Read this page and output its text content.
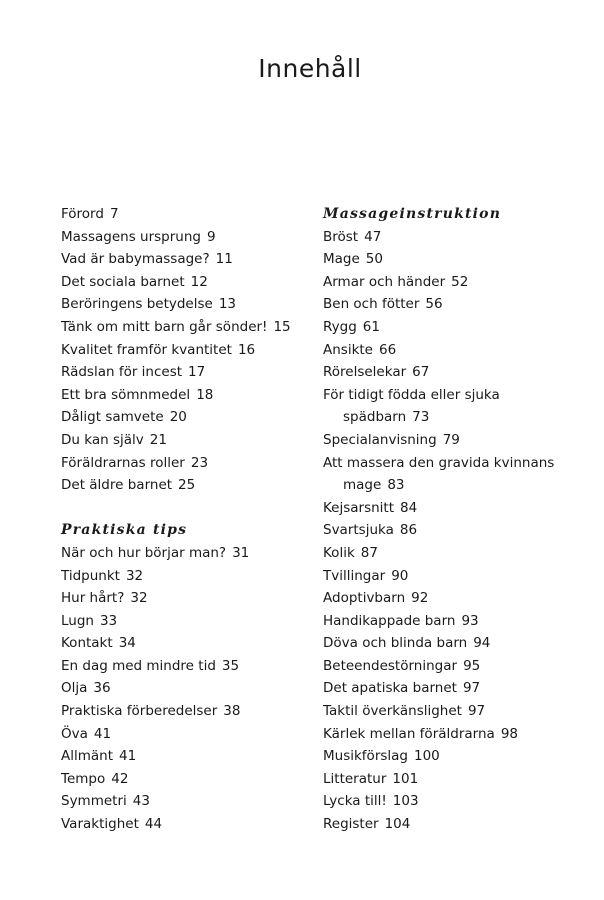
Innehåll
Förord 7
Massagens ursprung 9
Vad är babymassage? 11
Det sociala barnet 12
Beröringens betydelse 13
Tänk om mitt barn går sönder! 15
Kvalitet framför kvantitet 16
Rädslan för incest 17
Ett bra sömnmedel 18
Dåligt samvete 20
Du kan själv 21
Föräldrarnas roller 23
Det äldre barnet 25
Praktiska tips
När och hur börjar man? 31
Tidpunkt 32
Hur hårt? 32
Lugn 33
Kontakt 34
En dag med mindre tid 35
Olja 36
Praktiska förberedelser 38
Öva 41
Allmänt 41
Tempo 42
Symmetri 43
Varaktighet 44
Massageinstruktion
Bröst 47
Mage 50
Armar och händer 52
Ben och fötter 56
Rygg 61
Ansikte 66
Rörelselekar 67
För tidigt födda eller sjuka
spädbarn 73
Specialanvisning 79
Att massera den gravida kvinnans
mage 83
Kejsarsnitt 84
Svartsjuka 86
Kolik 87
Tvillingar 90
Adoptivbarn 92
Handikappade barn 93
Döva och blinda barn 94
Beteendestörningar 95
Det apatiska barnet 97
Taktil överkänslighet 97
Kärlek mellan föräldrarna 98
Musikförslag 100
Litteratur 101
Lycka till! 103
Register 104
